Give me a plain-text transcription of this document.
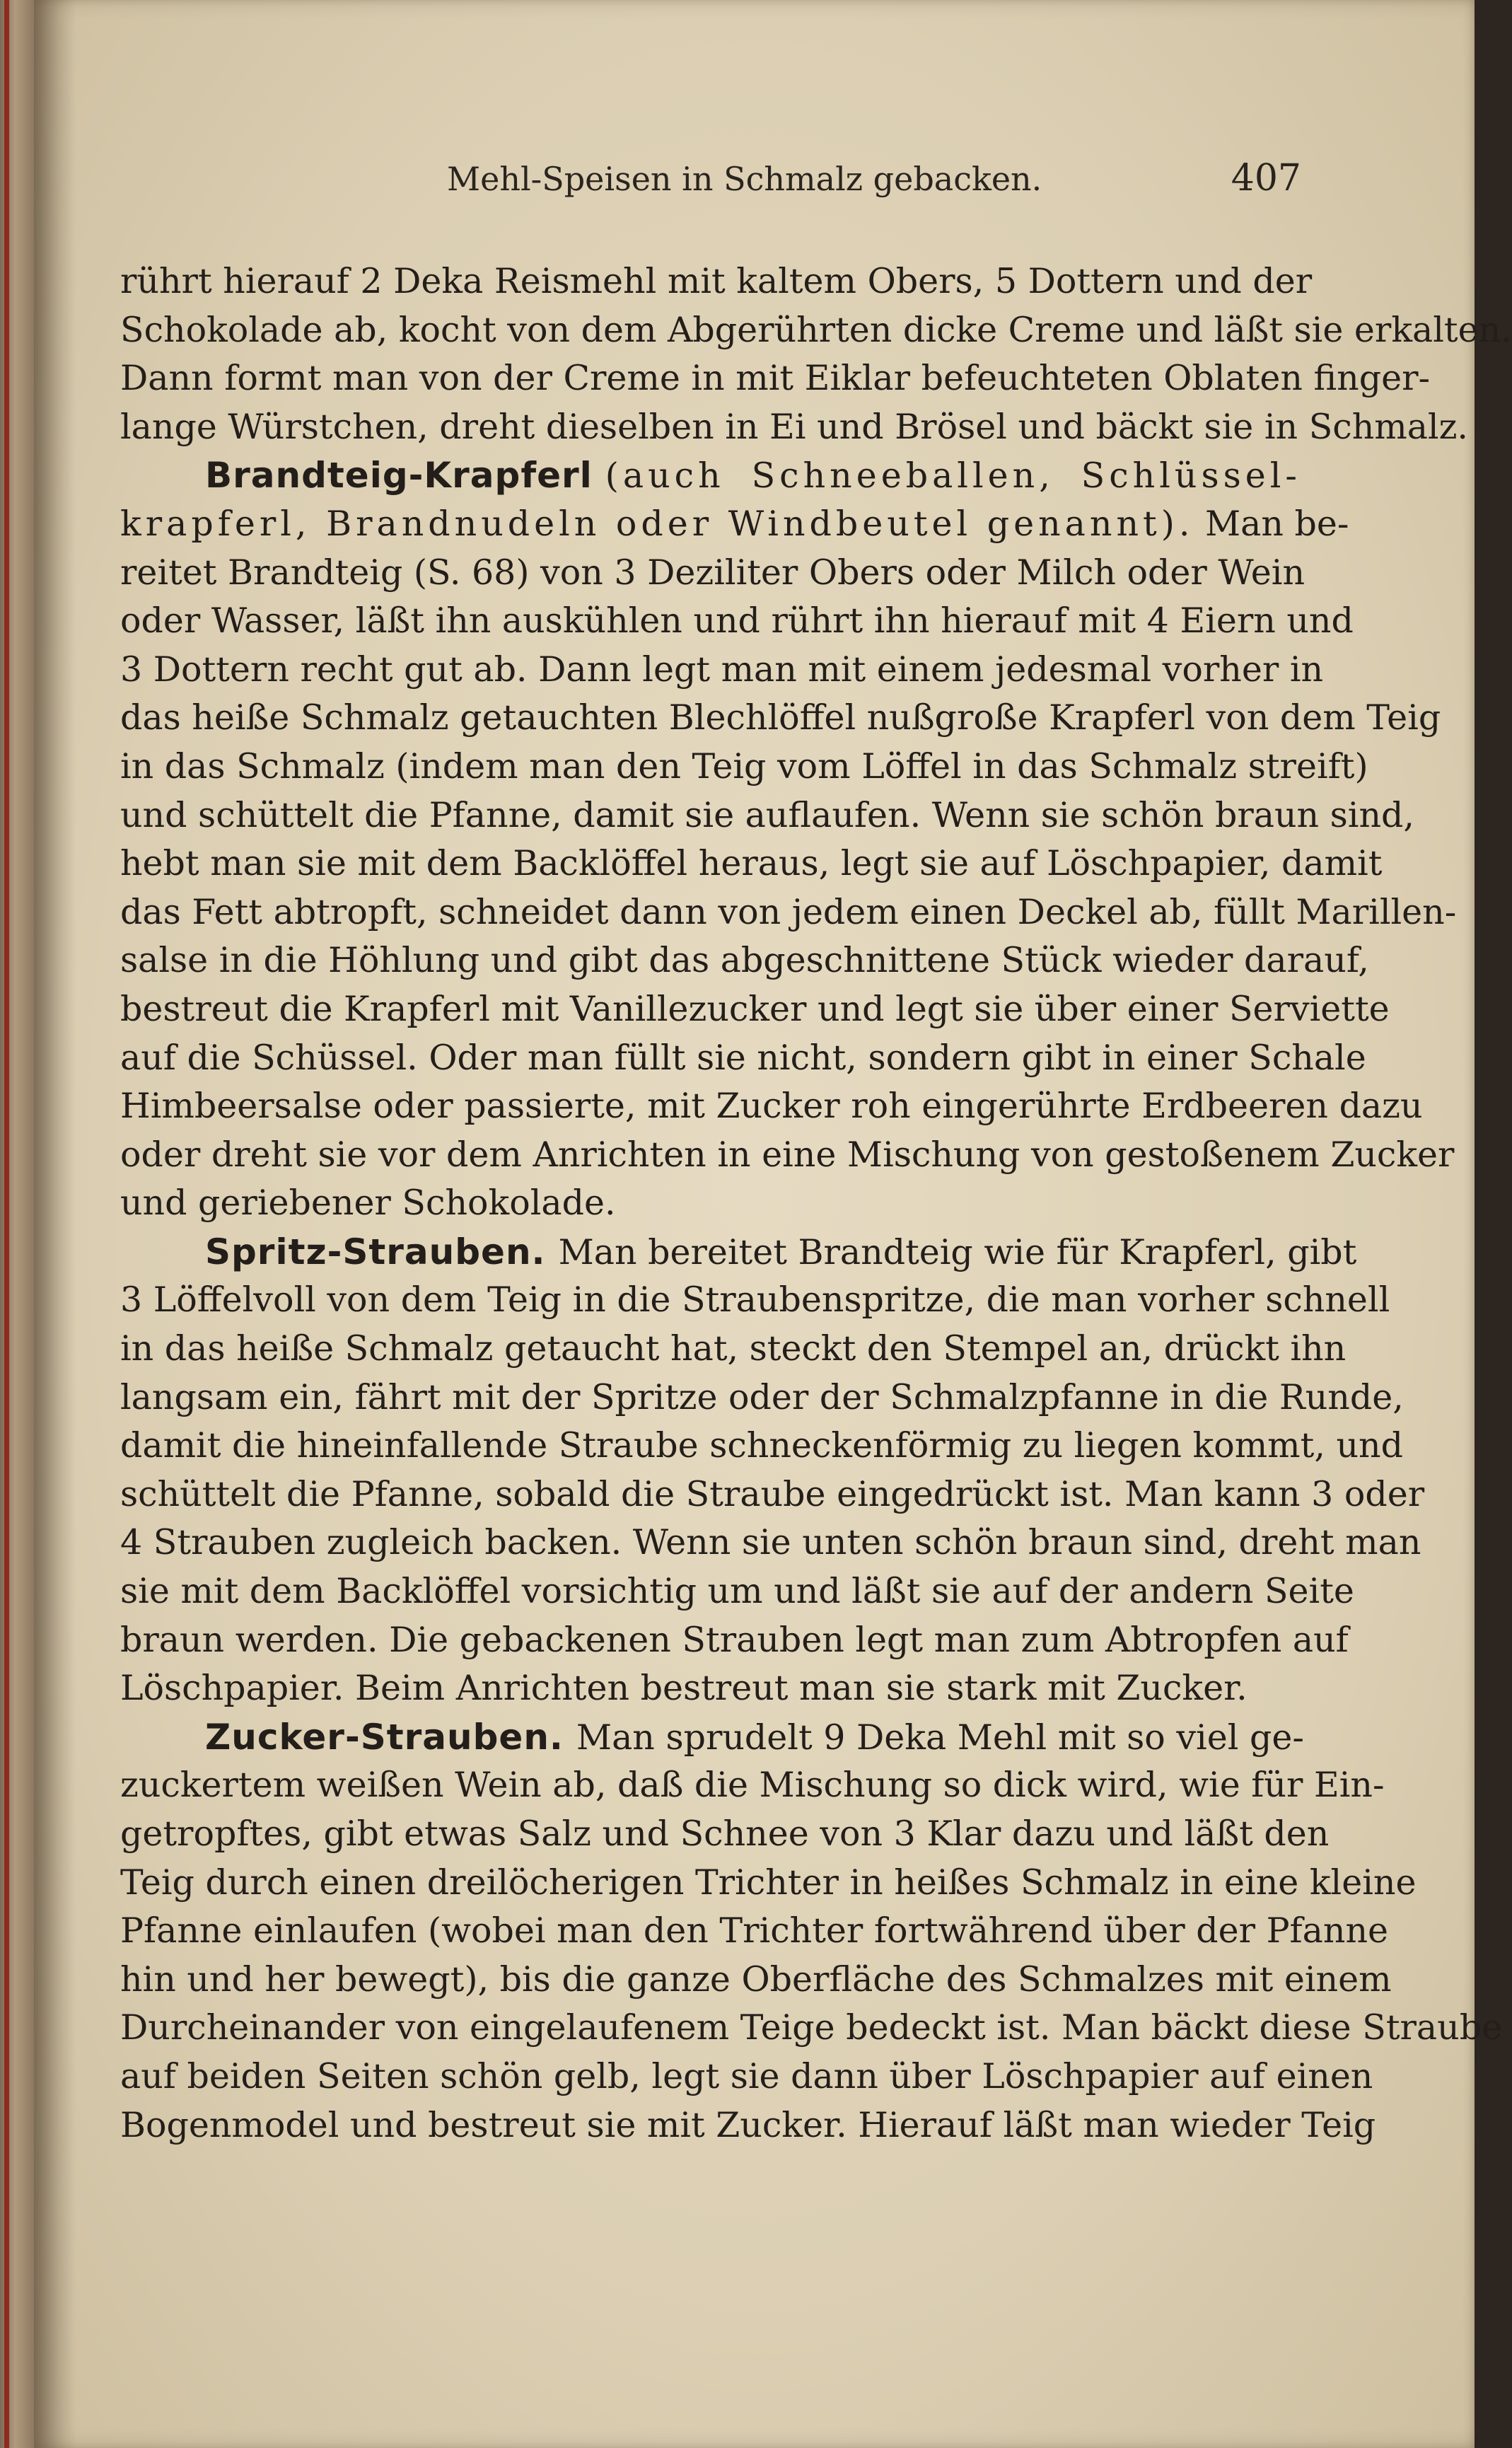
Mehl-Speisen in Schmalz gebacken.	407
rührt hierauf 2 Deka Reismehl mit kaltem Obers, 5 Dottern und der
Schokolade ab, kocht von dem Abgerührten dicke Creme und läßt sie erkalten.
Dann formt man von der Creme in mit Eiklar befeuchteten Oblaten finger-
lange Würstchen, dreht dieselben in Ei und Brösel und bäckt sie in Schmalz.
Brandteig-Krapferl (auch Schneeballen, Schlüssel-
krapferl, Brandnudeln oder Windbeutel genannt). Man be-
reitet Brandteig (S. 68) von 3 Deziliter Obers oder Milch oder Wein
oder Wasser, läßt ihn auskühlen und rührt ihn hierauf mit 4 Eiern und
3 Dottern recht gut ab. Dann legt man mit einem jedesmal vorher in
das heiße Schmalz getauchten Blechlöffel nußgroße Krapferl von dem Teig
in das Schmalz (indem man den Teig vom Löffel in das Schmalz streift)
und schüttelt die Pfanne, damit sie auflaufen. Wenn sie schön braun sind,
hebt man sie mit dem Backlöffel heraus, legt sie auf Löschpapier, damit
das Fett abtropft, schneidet dann von jedem einen Deckel ab, füllt Marillen-
salse in die Höhlung und gibt das abgeschnittene Stück wieder darauf,
bestreut die Krapferl mit Vanillezucker und legt sie über einer Serviette
auf die Schüssel. Oder man füllt sie nicht, sondern gibt in einer Schale
Himbeersalse oder passierte, mit Zucker roh eingerührte Erdbeeren dazu
oder dreht sie vor dem Anrichten in eine Mischung von gestoßenem Zucker
und geriebener Schokolade.
Spritz-Strauben. Man bereitet Brandteig wie für Krapferl, gibt
3 Löffelvoll von dem Teig in die Straubenspritze, die man vorher schnell
in das heiße Schmalz getaucht hat, steckt den Stempel an, drückt ihn
langsam ein, fährt mit der Spritze oder der Schmalzpfanne in die Runde,
damit die hineinfallende Straube schneckenförmig zu liegen kommt, und
schüttelt die Pfanne, sobald die Straube eingedrückt ist. Man kann 3 oder
4 Strauben zugleich backen. Wenn sie unten schön braun sind, dreht man
sie mit dem Backlöffel vorsichtig um und läßt sie auf der andern Seite
braun werden. Die gebackenen Strauben legt man zum Abtropfen auf
Löschpapier. Beim Anrichten bestreut man sie stark mit Zucker.
Zucker-Strauben. Man sprudelt 9 Deka Mehl mit so viel ge-
zuckertem weißen Wein ab, daß die Mischung so dick wird, wie für Ein-
getropftes, gibt etwas Salz und Schnee von 3 Klar dazu und läßt den
Teig durch einen dreilöcherigen Trichter in heißes Schmalz in eine kleine
Pfanne einlaufen (wobei man den Trichter fortwährend über der Pfanne
hin und her bewegt), bis die ganze Oberfläche des Schmalzes mit einem
Durcheinander von eingelaufenem Teige bedeckt ist. Man bäckt diese Straube
auf beiden Seiten schön gelb, legt sie dann über Löschpapier auf einen
Bogenmodel und bestreut sie mit Zucker. Hierauf läßt man wieder Teig
